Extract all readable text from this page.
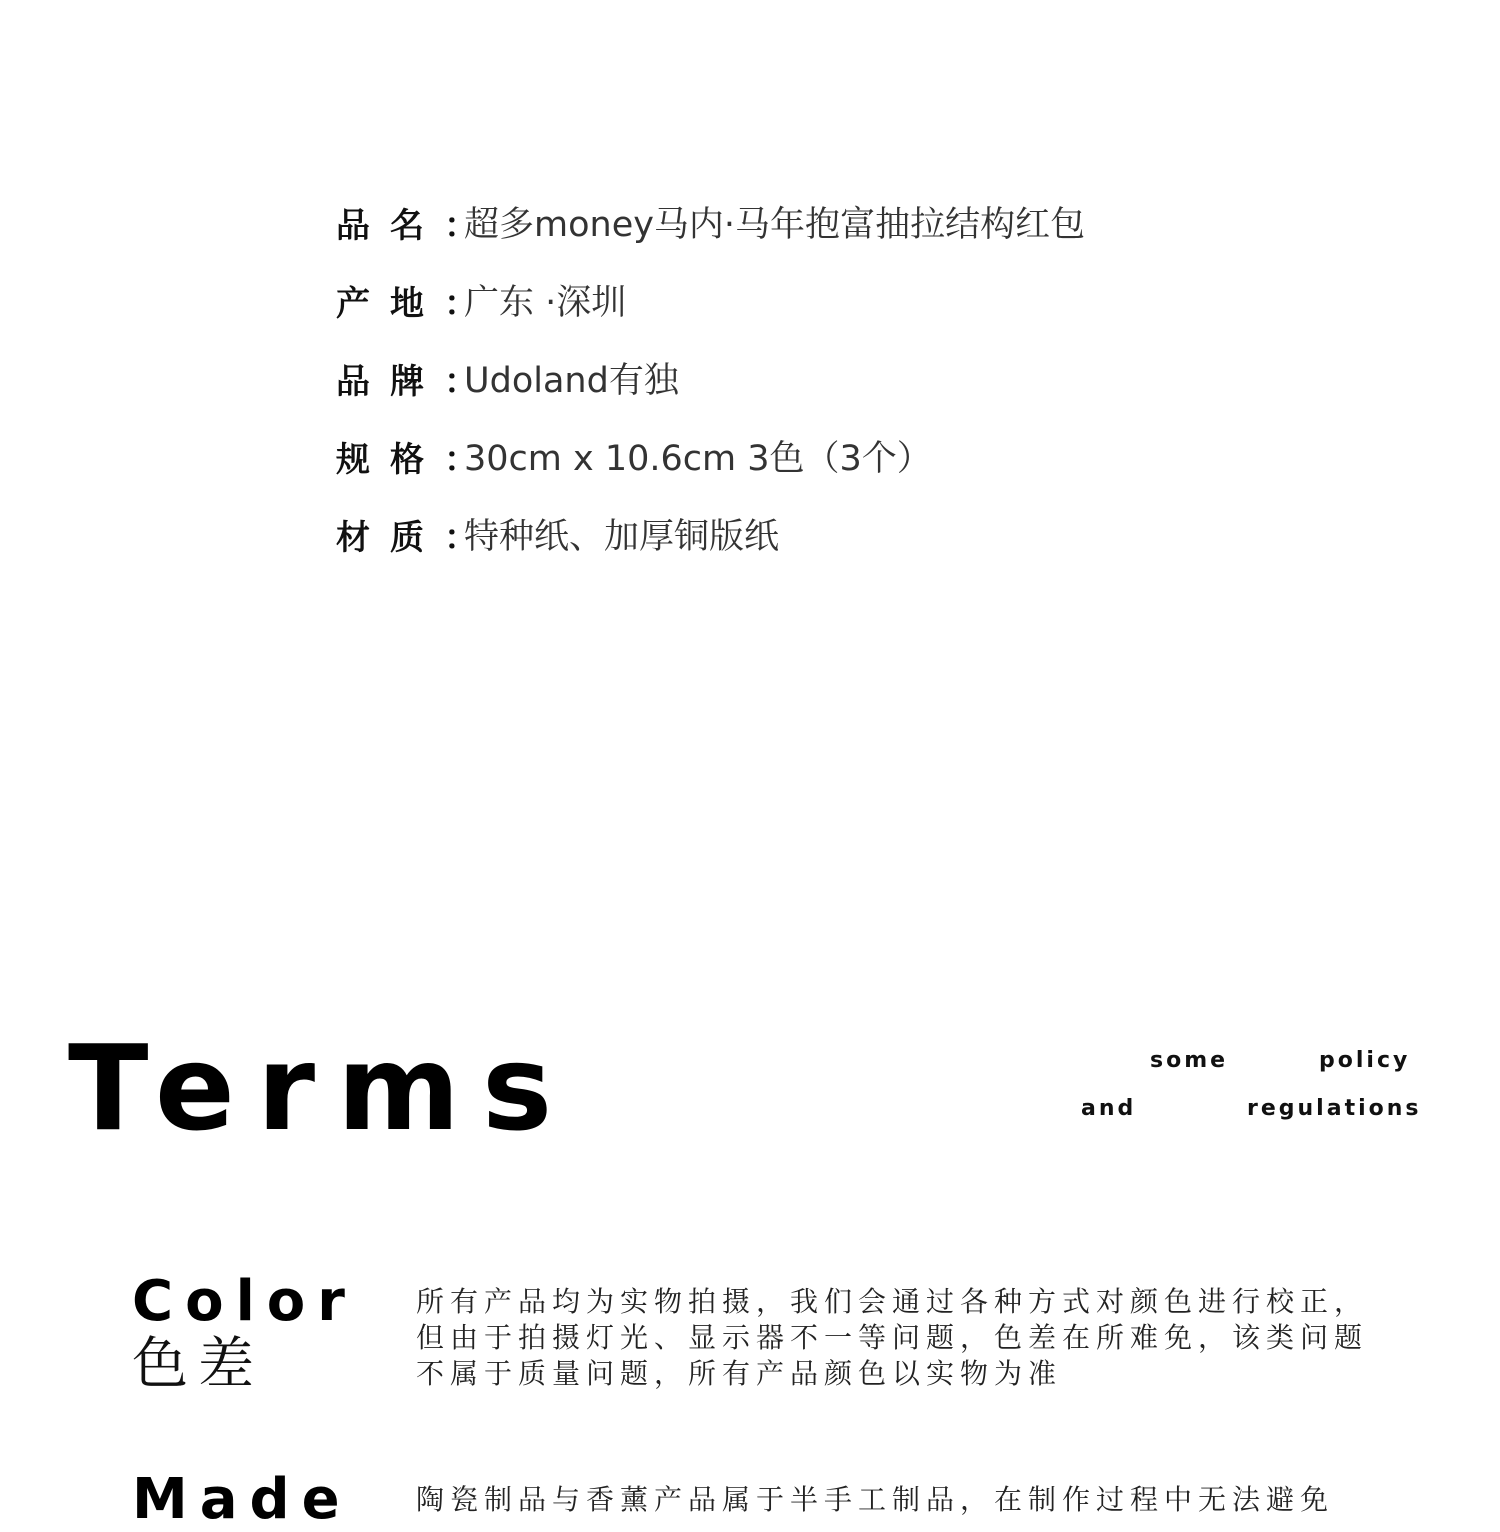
品名：
超多money马内·马年抱富抽拉结构红包
产地：
广东 ·深圳
品牌：
Udoland有独
规格：
30cm x 10.6cm 3色（3个）
材质：
特种纸、加厚铜版纸
Terms	some	policy
and	regulations
Color
色差
所有产品均为实物拍摄，我们会通过各种方式对颜色进行校正，但由于拍摄灯光、显示器不一等问题，色差在所难免，该类问题不属于质量问题，所有产品颜色以实物为准
Made 陶瓷制品与香薰产品属于半手工制品，在制作过程中无法避免
